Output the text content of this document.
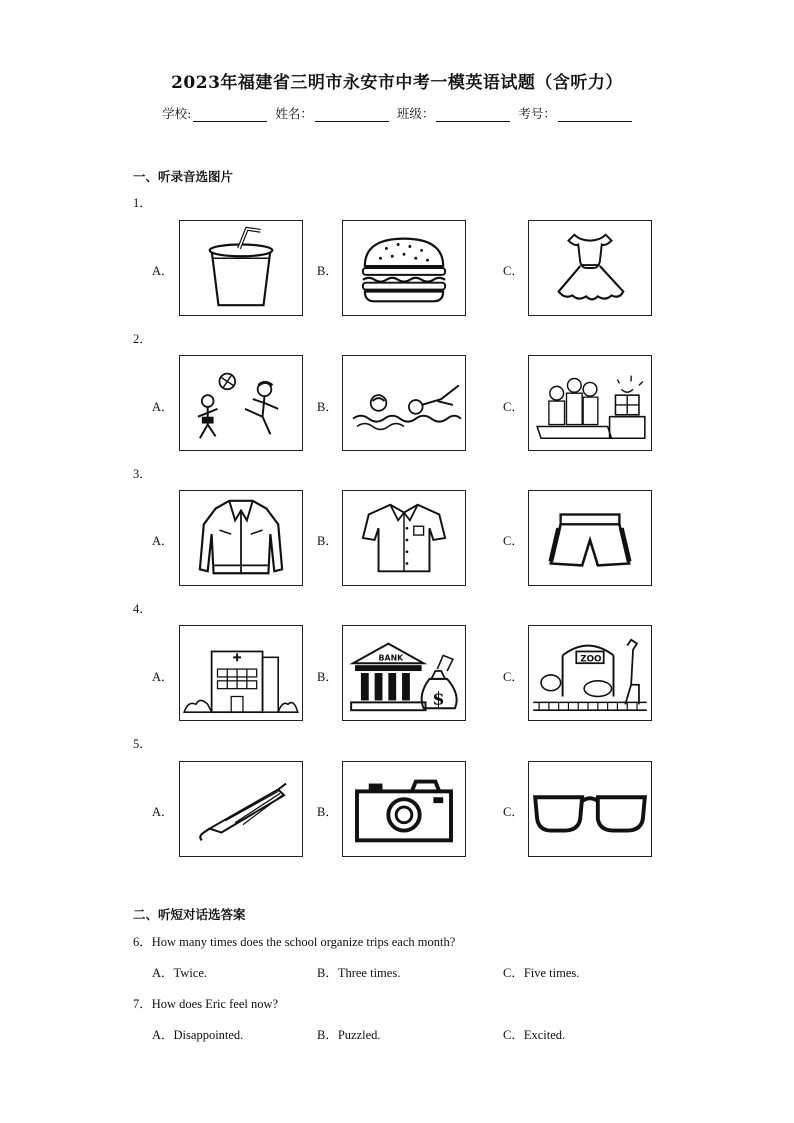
2023年福建省三明市永安市中考一模英语试题（含听力）
学校:	姓名：	班级：	考号：
一、听录音选图片
1．
A．	B．	C．
2．
A．	B．	C．
3．
A．	B．	C．
4．
A．	B．
BANK
$
C．
ZOO
5．
A．	B．	C．
二、听短对话选答案
6．How many times does the school organize trips each month?
A．Twice.	B．Three times.	C．Five times.
7．How does Eric feel now?
A．Disappointed.	B．Puzzled.	C．Excited.
